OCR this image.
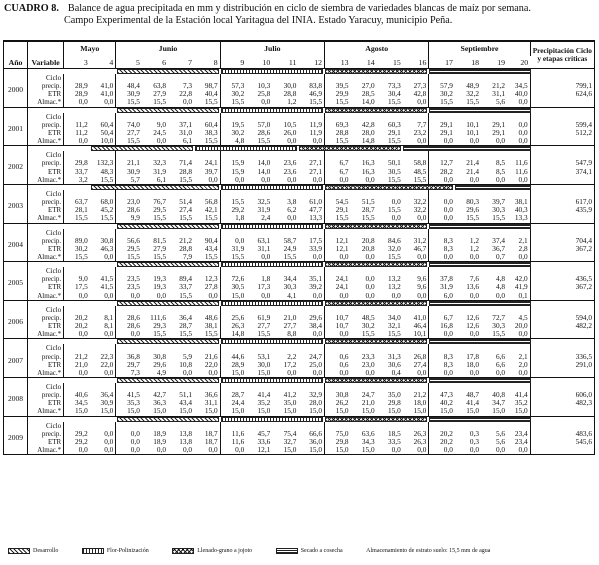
CUADRO 8. Balance de agua precipitada en mm y distribución en ciclo de siembra de variedades blancas de maíz por semana.
Campo Experimental de la Estación local Yaritagua del INIA. Estado Yaracuy, municipio Peña.
Año	Variable	Mayo		Junio				Julio				Agosto				Septiembre				Precipitación Ciclo y etapas críticas
		3	4	5	6	7	8	9	10	11	12	13	14	15	16	17	18	19	20	

2000	Ciclo																			
	precip.	28,9	41,0	48,4	63,8	7,3	98,7	57,3	10,3	30,0	83,8	39,5	27,0	73,3	27,3	57,9	48,9	21,2	34,5	799,1
	ETR	28,9	41,0	30,9	27,9	22,8	40,4	30,2	25,8	28,8	46,9	29,9	28,5	30,4	42,8	30,2	32,2	31,1	40,0	624,6
	Almac.*	0,0	0,0	15,5	15,5	0,0	15,5	15,5	0,0	1,2	15,5	15,5	14,0	15,5	0,0	15,5	15,5	5,6	0,0	

2001	Ciclo																			
	precip.	11,2	60,4	74,0	9,0	37,1	60,4	19,5	57,0	10,5	11,9	69,3	42,8	60,3	7,7	29,1	10,1	29,1	0,0	599,4
	ETR	11,2	50,4	27,7	24,5	31,0	38,3	30,2	28,6	26,0	11,9	28,8	28,0	29,1	23,2	29,1	10,1	29,1	0,0	512,2
	Almac.*	0,0	10,0	15,5	0,0	6,1	15,5	4,8	15,5	0,0	0,0	15,5	14,8	15,5	0,0	0,0	0,0	0,0	0,0	

2002	Ciclo																			
	precip.	29,8	132,3	21,1	32,3	71,4	24,1	15,9	14,0	23,6	27,1	6,7	16,3	50,1	58,8	12,7	21,4	8,5	11,6	547,9
	ETR	33,7	48,3	30,9	31,9	28,8	39,7	15,9	14,0	23,6	27,1	6,7	16,3	30,5	48,5	28,2	21,4	8,5	11,6	374,1
	Almac.*	3,2	15,5	5,7	6,1	15,5	0,0	0,0	0,0	0,0	0,0	0,0	0,0	15,5	15,5	0,0	0,0	0,0	0,0	

2003	Ciclo																			
	precip.	63,7	68,0	23,0	76,7	51,4	56,8	15,5	32,5	3,8	61,0	54,5	51,5	0,0	32,2	0,0	80,3	39,7	38,1	617,0
	ETR	28,1	45,2	28,6	29,5	27,4	42,1	29,2	31,9	6,2	47,7	29,1	28,7	15,5	32,2	0,0	29,6	30,3	40,3	435,9
	Almac.*	15,5	15,5	9,9	15,5	15,5	15,5	1,8	2,4	0,0	13,3	15,5	15,5	0,0	0,0	0,0	15,5	15,5	13,3	

2004	Ciclo																			
	precip.	89,0	30,8	56,6	81,5	21,2	90,4	0,0	63,1	58,7	17,5	12,1	20,8	84,6	31,2	8,3	1,2	37,4	2,1	704,4
	ETR	30,2	46,3	29,5	27,9	28,8	43,4	31,9	31,1	24,9	33,9	12,1	20,8	32,0	46,7	8,3	1,2	36,7	2,8	367,2
	Almac.*	15,5	0,0	15,5	15,5	7,9	15,5	15,5	0,0	15,5	0,0	0,0	0,0	15,5	0,0	0,0	0,0	0,7	0,0	

2005	Ciclo																			
	precip.	9,0	41,5	23,5	19,3	89,4	12,3	72,6	1,8	34,4	35,1	24,1	0,0	13,2	9,6	37,8	7,6	4,8	42,0	436,5
	ETR	17,5	41,5	23,5	19,3	33,7	27,8	30,5	17,3	30,3	39,2	24,1	0,0	13,2	9,6	31,9	13,6	4,8	41,9	367,2
	Almac.*	0,0	0,0	0,0	0,0	15,5	0,0	15,0	0,0	4,1	0,0	0,0	0,0	0,0	0,0	6,0	0,0	0,0	0,1	

2006	Ciclo																			
	precip.	20,2	8,1	28,6	111,6	36,4	48,6	25,6	61,9	21,0	29,6	10,7	48,5	34,0	41,0	6,7	12,6	72,7	4,5	594,0
	ETR	20,2	8,1	28,6	29,3	28,7	38,1	26,3	27,7	27,7	38,4	10,7	30,2	32,1	46,4	16,8	12,6	30,3	20,0	482,2
	Almac.*	0,0	0,0	0,0	15,5	15,5	15,5	14,8	15,5	8,8	0,0	0,0	15,5	15,5	10,1	0,0	0,0	15,5	0,0	

2007	Ciclo																			
	precip.	21,2	22,3	36,8	30,8	5,9	21,6	44,6	53,1	2,2	24,7	0,6	23,3	31,3	26,8	8,3	17,8	6,6	2,1	336,5
	ETR	21,0	22,0	29,7	29,6	10,8	22,0	28,9	30,0	17,2	25,0	0,6	23,0	30,6	27,4	8,3	18,0	6,6	2,0	291,0
	Almac.*	0,0	0,0	7,3	4,9	0,0	0,0	15,0	15,0	0,0	0,0	0,0	0,0	0,4	0,0	0,0	0,0	0,0	0,0	

2008	Ciclo																			
	precip.	40,6	36,4	41,5	42,7	51,1	36,6	28,7	41,4	41,2	32,9	30,8	24,7	35,0	21,2	47,3	48,7	40,8	41,4	606,0
	ETR	34,5	30,9	35,3	36,3	43,4	31,1	24,4	35,2	35,0	28,0	26,2	21,0	29,8	18,0	40,2	41,4	34,7	35,2	482,3
	Almac.*	15,0	15,0	15,0	15,0	15,0	15,0	15,0	15,0	15,0	15,0	15,0	15,0	15,0	15,0	15,0	15,0	15,0	15,0	

2009	Ciclo																			
	precip.	29,2	0,0	0,0	18,9	13,8	18,7	11,6	45,7	75,4	66,6	75,0	63,6	18,5	26,3	20,2	0,3	5,6	23,4	483,6
	ETR	29,2	0,0	0,0	18,9	13,8	18,7	11,6	33,6	32,7	36,0	29,8	34,3	33,5	26,3	20,2	0,3	5,6	23,4	545,6
	Almac.*	0,0	0,0	0,0	0,0	0,0	0,0	0,0	12,1	15,0	15,0	15,0	15,0	0,0	0,0	0,0	0,0	0,0	0,0	
Desarrollo	Flor-Polinización	Llenado-grano a jojoto	Secado a cosecha	Almacenamiento de estrato suelo: 15,5 mm de agua
